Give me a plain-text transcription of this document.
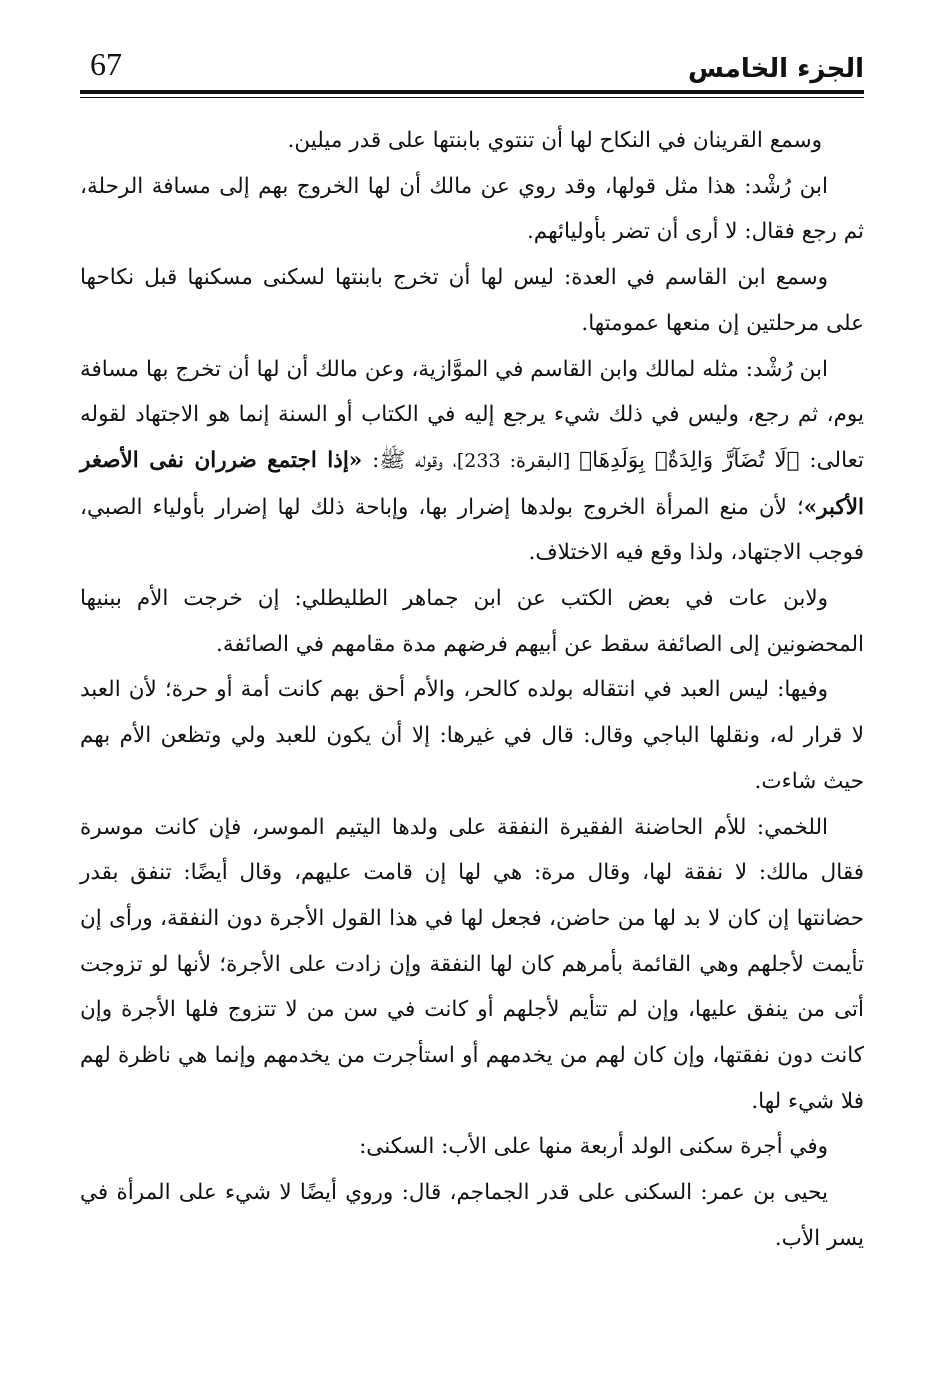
67	الجزء الخامس

وسمع القرينان في النكاح لها أن تنتوي بابنتها على قدر ميلين.

ابن رُشْد: هذا مثل قولها، وقد روي عن مالك أن لها الخروج بهم إلى مسافة الرحلة، ثم رجع فقال: لا أرى أن تضر بأوليائهم.

وسمع ابن القاسم في العدة: ليس لها أن تخرج بابنتها لسكنى مسكنها قبل نكاحها على مرحلتين إن منعها عمومتها.

ابن رُشْد: مثله لمالك وابن القاسم في الموَّازية، وعن مالك أن لها أن تخرج بها مسافة يوم، ثم رجع، وليس في ذلك شيء يرجع إليه في الكتاب أو السنة إنما هو الاجتهاد لقوله تعالى: ﴿لَا تُضَآرَّ وَالِدَةٌۢ بِوَلَدِهَا﴾ [البقرة: 233]، وقوله ﷺ: «إذا اجتمع ضرران نفى الأصغر الأكبر»؛ لأن منع المرأة الخروج بولدها إضرار بها، وإباحة ذلك لها إضرار بأولياء الصبي، فوجب الاجتهاد، ولذا وقع فيه الاختلاف.

ولابن عات في بعض الكتب عن ابن جماهر الطليطلي: إن خرجت الأم ببنيها المحضونين إلى الصائفة سقط عن أبيهم فرضهم مدة مقامهم في الصائفة.

وفيها: ليس العبد في انتقاله بولده كالحر، والأم أحق بهم كانت أمة أو حرة؛ لأن العبد لا قرار له، ونقلها الباجي وقال: قال في غيرها: إلا أن يكون للعبد ولي وتظعن الأم بهم حيث شاءت.

اللخمي: للأم الحاضنة الفقيرة النفقة على ولدها اليتيم الموسر، فإن كانت موسرة فقال مالك: لا نفقة لها، وقال مرة: هي لها إن قامت عليهم، وقال أيضًا: تنفق بقدر حضانتها إن كان لا بد لها من حاضن، فجعل لها في هذا القول الأجرة دون النفقة، ورأى إن تأيمت لأجلهم وهي القائمة بأمرهم كان لها النفقة وإن زادت على الأجرة؛ لأنها لو تزوجت أتى من ينفق عليها، وإن لم تتأيم لأجلهم أو كانت في سن من لا تتزوج فلها الأجرة وإن كانت دون نفقتها، وإن كان لهم من يخدمهم أو استأجرت من يخدمهم وإنما هي ناظرة لهم فلا شيء لها.

وفي أجرة سكنى الولد أربعة منها على الأب: السكنى:

يحيى بن عمر: السكنى على قدر الجماجم، قال: وروي أيضًا لا شيء على المرأة في يسر الأب.
